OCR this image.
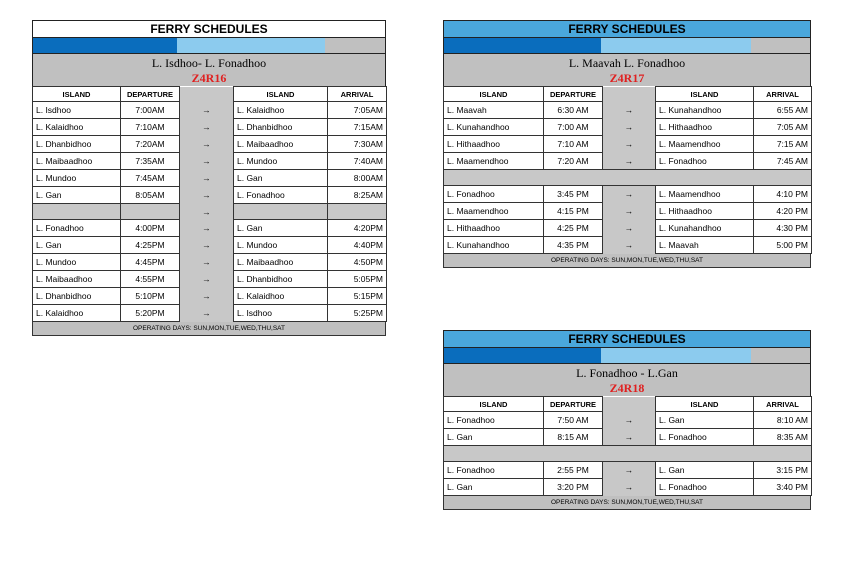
FERRY SCHEDULES
L. Isdhoo- L. Fonadhoo
Z4R16
ISLAND	DEPARTURE		ISLAND	ARRIVAL
L. Isdhoo	7:00AM	→	L. Kalaidhoo	7:05AM
L. Kalaidhoo	7:10AM	→	L. Dhanbidhoo	7:15AM
L. Dhanbidhoo	7:20AM	→	L. Maibaadhoo	7:30AM
L. Maibaadhoo	7:35AM	→	L. Mundoo	7:40AM
L. Mundoo	7:45AM	→	L. Gan	8:00AM
L. Gan	8:05AM	→	L. Fonadhoo	8:25AM
		→		
L. Fonadhoo	4:00PM	→	L. Gan	4:20PM
L. Gan	4:25PM	→	L. Mundoo	4:40PM
L. Mundoo	4:45PM	→	L. Maibaadhoo	4:50PM
L. Maibaadhoo	4:55PM	→	L. Dhanbidhoo	5:05PM
L. Dhanbidhoo	5:10PM	→	L. Kalaidhoo	5:15PM
L. Kalaidhoo	5:20PM	→	L. Isdhoo	5:25PM
OPERATING DAYS: SUN,MON,TUE,WED,THU,SAT
FERRY SCHEDULES
L. Maavah L. Fonadhoo
Z4R17
ISLAND	DEPARTURE		ISLAND	ARRIVAL
L. Maavah	6:30 AM	→	L. Kunahandhoo	6:55 AM
L. Kunahandhoo	7:00 AM	→	L. Hithaadhoo	7:05 AM
L. Hithaadhoo	7:10 AM	→	L. Maamendhoo	7:15 AM
L. Maamendhoo	7:20 AM	→	L. Fonadhoo	7:45 AM

L. Fonadhoo	3:45 PM	→	L. Maamendhoo	4:10 PM
L. Maamendhoo	4:15 PM	→	L. Hithaadhoo	4:20 PM
L. Hithaadhoo	4:25 PM	→	L. Kunahandhoo	4:30 PM
L. Kunahandhoo	4:35 PM	→	L. Maavah	5:00 PM
OPERATING DAYS: SUN,MON,TUE,WED,THU,SAT
FERRY SCHEDULES
L. Fonadhoo - L.Gan
Z4R18
ISLAND	DEPARTURE		ISLAND	ARRIVAL
L. Fonadhoo	7:50 AM	→	L. Gan	8:10 AM
L. Gan	8:15 AM	→	L. Fonadhoo	8:35 AM

L. Fonadhoo	2:55 PM	→	L. Gan	3:15 PM
L. Gan	3:20 PM	→	L. Fonadhoo	3:40 PM
OPERATING DAYS: SUN,MON,TUE,WED,THU,SAT
